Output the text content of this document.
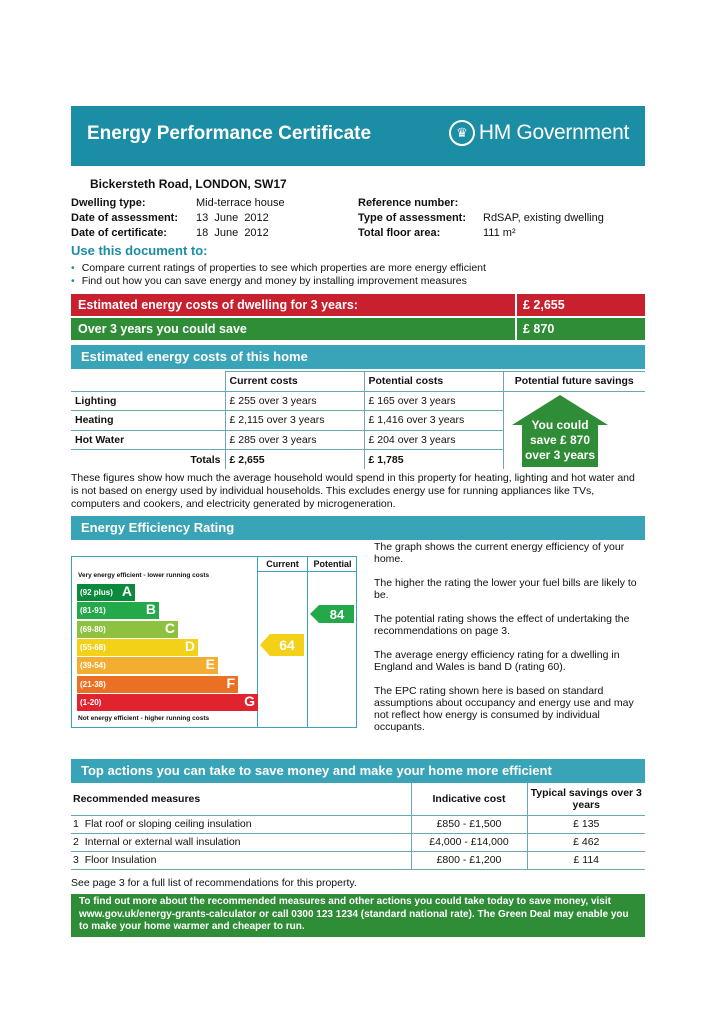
Energy Performance Certificate	♛ HM Government
Bickersteth Road, LONDON, SW17
Dwelling type:	Mid-terrace house
Date of assessment: 13  June  2012
Date of certificate:	18  June  2012
Reference number:
Type of assessment: RdSAP, existing dwelling
Total floor area:	111 m²
Use this document to:
• Compare current ratings of properties to see which properties are more energy efficient
• Find out how you can save energy and money by installing improvement measures
Estimated energy costs of dwelling for 3 years:	£ 2,655
Over 3 years you could save	£ 870
Estimated energy costs of this home
	Current costs	Potential costs	Potential future savings
Lighting	£ 255 over 3 years	£ 165 over 3 years	
Heating	£ 2,115 over 3 years	£ 1,416 over 3 years	
Hot Water	£ 285 over 3 years	£ 204 over 3 years	
Totals	£ 2,655	£ 1,785	
You could
save £ 870
over 3 years
These figures show how much the average household would spend in this property for heating, lighting and hot water and is not based on energy used by individual households. This excludes energy use for running appliances like TVs, computers and cookers, and electricity generated by microgeneration.
Energy Efficiency Rating
Current	Potential
Very energy efficient - lower running costs
(92 plus) A
(81-91)	B
(69-80)	C
(55-68)	D
(39-54)	E
(21-38)	F
(1-20)	G
Not energy efficient - higher running costs
64
84
The graph shows the current energy efficiency of your home.
The higher the rating the lower your fuel bills are likely to be.
The potential rating shows the effect of undertaking the recommendations on page 3.
The average energy efficiency rating for a dwelling in England and Wales is band D (rating 60).
The EPC rating shown here is based on standard assumptions about occupancy and energy use and may not reflect how energy is consumed by individual occupants.
Top actions you can take to save money and make your home more efficient
Recommended measures	Indicative cost	Typical savings over 3 years
1 Flat roof or sloping ceiling insulation	£850 - £1,500	£ 135
2 Internal or external wall insulation	£4,000 - £14,000	£ 462
3 Floor Insulation	£800 - £1,200	£ 114
See page 3 for a full list of recommendations for this property.
To find out more about the recommended measures and other actions you could take today to save money, visit www.gov.uk/energy-grants-calculator or call 0300 123 1234 (standard national rate). The Green Deal may enable you to make your home warmer and cheaper to run.
